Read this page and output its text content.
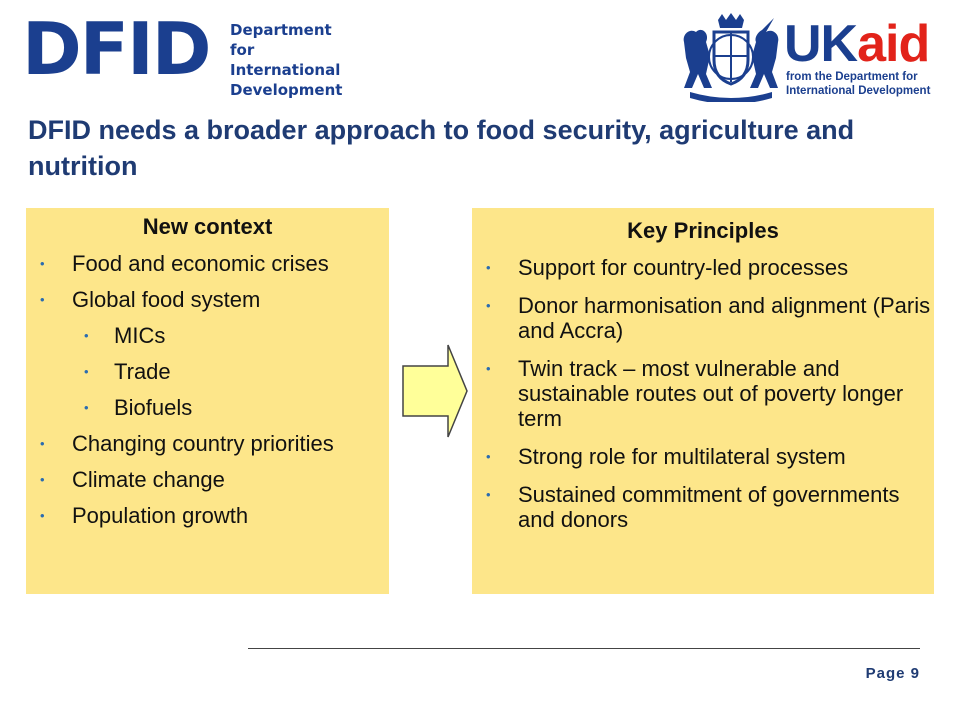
DFID Department for
International
Development
UKaid
from the Department for
International Development
DFID needs a broader approach to food security, agriculture and nutrition
New context
• Food and economic crises
• Global food system
• MICs
• Trade
• Biofuels
• Changing country priorities
• Climate change
• Population growth
Key Principles
• Support for country-led processes
• Donor harmonisation and alignment (Paris and Accra)
• Twin track – most vulnerable and sustainable routes out of poverty longer term
• Strong role for multilateral system
• Sustained commitment of governments and donors
Page 9
